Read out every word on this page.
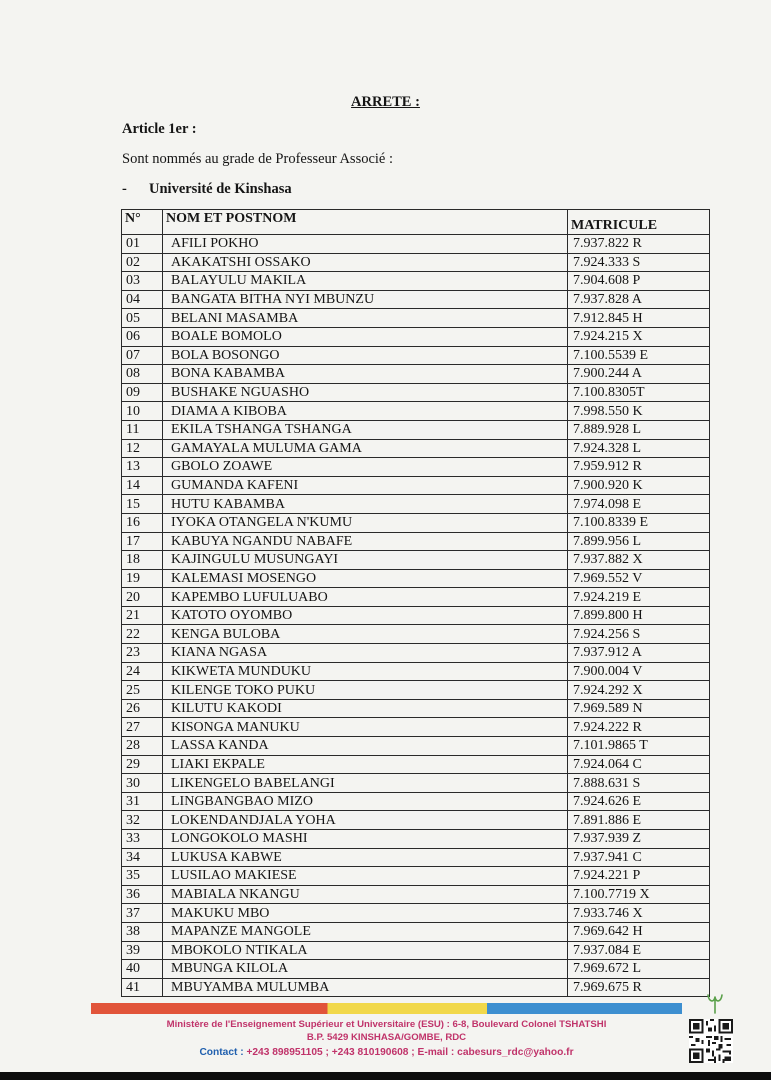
ARRETE :
Article 1er :
Sont nommés au grade de Professeur Associé :
- Université de Kinshasa
N°	NOM ET POSTNOM	MATRICULE
01	AFILI POKHO	7.937.822 R
02	AKAKATSHI OSSAKO	7.924.333 S
03	BALAYULU MAKILA	7.904.608 P
04	BANGATA BITHA NYI MBUNZU	7.937.828 A
05	BELANI MASAMBA	7.912.845 H
06	BOALE BOMOLO	7.924.215 X
07	BOLA BOSONGO	7.100.5539 E
08	BONA KABAMBA	7.900.244 A
09	BUSHAKE NGUASHO	7.100.8305T
10	DIAMA A KIBOBA	7.998.550 K
11	EKILA TSHANGA TSHANGA	7.889.928 L
12	GAMAYALA MULUMA GAMA	7.924.328 L
13	GBOLO ZOAWE	7.959.912 R
14	GUMANDA KAFENI	7.900.920 K
15	HUTU KABAMBA	7.974.098 E
16	IYOKA OTANGELA N'KUMU	7.100.8339 E
17	KABUYA NGANDU NABAFE	7.899.956 L
18	KAJINGULU MUSUNGAYI	7.937.882 X
19	KALEMASI MOSENGO	7.969.552 V
20	KAPEMBO LUFULUABO	7.924.219 E
21	KATOTO OYOMBO	7.899.800 H
22	KENGA BULOBA	7.924.256 S
23	KIANA NGASA	7.937.912 A
24	KIKWETA MUNDUKU	7.900.004 V
25	KILENGE TOKO PUKU	7.924.292 X
26	KILUTU KAKODI	7.969.589 N
27	KISONGA MANUKU	7.924.222 R
28	LASSA KANDA	7.101.9865 T
29	LIAKI EKPALE	7.924.064 C
30	LIKENGELO BABELANGI	7.888.631 S
31	LINGBANGBAO MIZO	7.924.626 E
32	LOKENDANDJALA YOHA	7.891.886 E
33	LONGOKOLO MASHI	7.937.939 Z
34	LUKUSA KABWE	7.937.941 C
35	LUSILAO MAKIESE	7.924.221 P
36	MABIALA NKANGU	7.100.7719 X
37	MAKUKU MBO	7.933.746 X
38	MAPANZE MANGOLE	7.969.642 H
39	MBOKOLO NTIKALA	7.937.084 E
40	MBUNGA KILOLA	7.969.672 L
41	MBUYAMBA MULUMBA	7.969.675 R
Ministère de l'Enseignement Supérieur et Universitaire (ESU) : 6-8, Boulevard Colonel TSHATSHI
B.P. 5429 KINSHASA/GOMBE, RDC
Contact : +243 898951105 ; +243 810190608 ; E-mail : cabesurs_rdc@yahoo.fr
